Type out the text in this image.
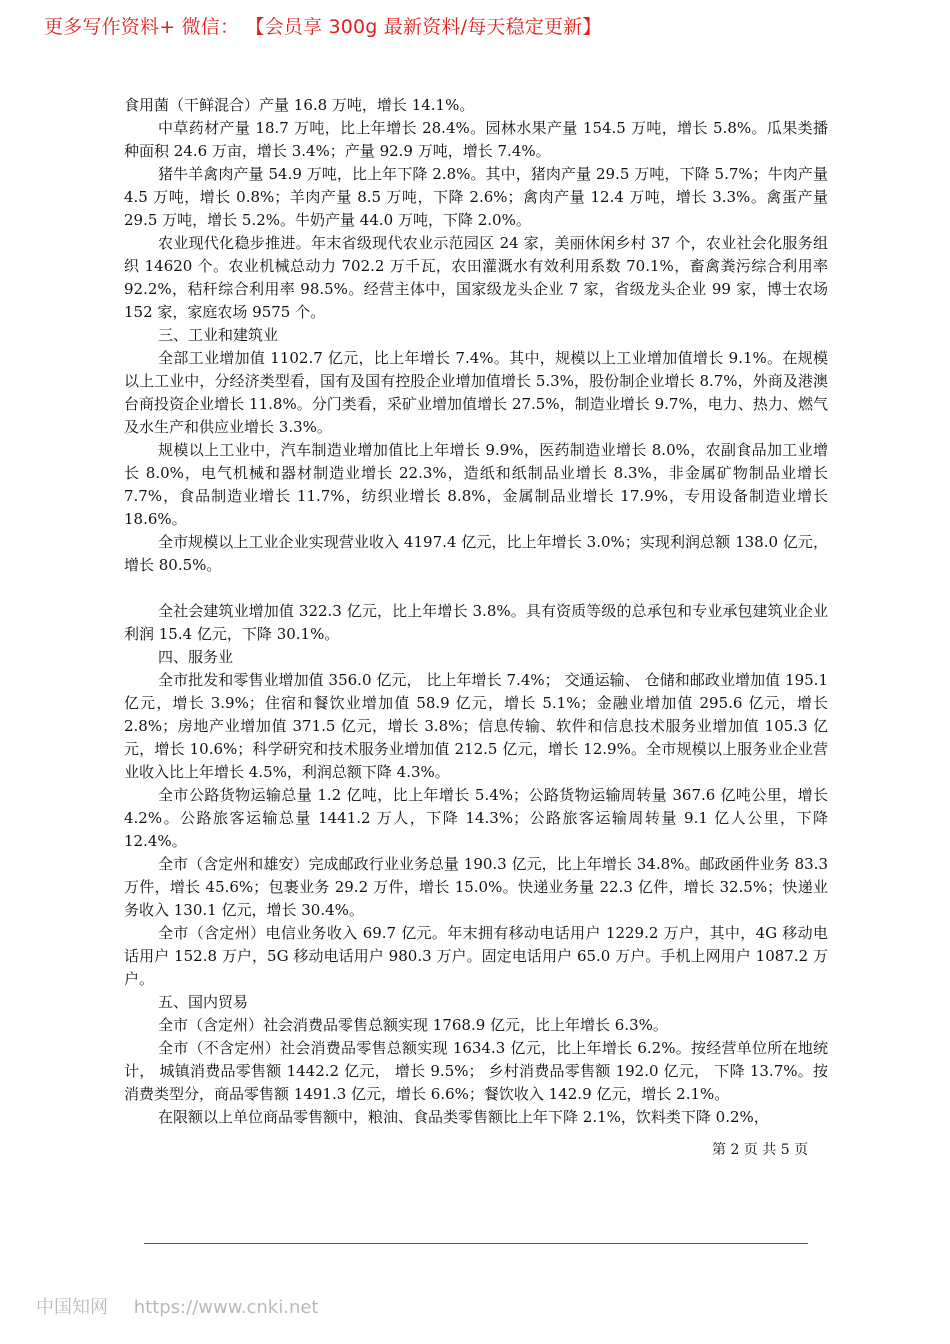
更多写作资料+ 微信： 【会员享 300g 最新资料/每天稳定更新】

食用菌（干鲜混合）产量 16.8 万吨，增长 14.1%。

中草药材产量 18.7 万吨，比上年增长 28.4%。园林水果产量 154.5 万吨，增长 5.8%。瓜果类播种面积 24.6 万亩，增长 3.4%；产量 92.9 万吨，增长 7.4%。

猪牛羊禽肉产量 54.9 万吨，比上年下降 2.8%。其中，猪肉产量 29.5 万吨，下降 5.7%；牛肉产量 4.5 万吨，增长 0.8%；羊肉产量 8.5 万吨，下降 2.6%；禽肉产量 12.4 万吨，增长 3.3%。禽蛋产量 29.5 万吨，增长 5.2%。牛奶产量 44.0 万吨，下降 2.0%。

农业现代化稳步推进。年末省级现代农业示范园区 24 家，美丽休闲乡村 37 个，农业社会化服务组织 14620 个。农业机械总动力 702.2 万千瓦，农田灌溉水有效利用系数 70.1%，畜禽粪污综合利用率 92.2%，秸秆综合利用率 98.5%。经营主体中，国家级龙头企业 7 家，省级龙头企业 99 家，博士农场 152 家，家庭农场 9575 个。

三、工业和建筑业

全部工业增加值 1102.7 亿元，比上年增长 7.4%。其中，规模以上工业增加值增长 9.1%。在规模以上工业中，分经济类型看，国有及国有控股企业增加值增长 5.3%，股份制企业增长 8.7%，外商及港澳台商投资企业增长 11.8%。分门类看，采矿业增加值增长 27.5%，制造业增长 9.7%，电力、热力、燃气及水生产和供应业增长 3.3%。

规模以上工业中，汽车制造业增加值比上年增长 9.9%，医药制造业增长 8.0%，农副食品加工业增长 8.0%，电气机械和器材制造业增长 22.3%，造纸和纸制品业增长 8.3%，非金属矿物制品业增长 7.7%，食品制造业增长 11.7%，纺织业增长 8.8%，金属制品业增长 17.9%，专用设备制造业增长 18.6%。

全市规模以上工业企业实现营业收入 4197.4 亿元，比上年增长 3.0%；实现利润总额 138.0 亿元，增长 80.5%。

全社会建筑业增加值 322.3 亿元，比上年增长 3.8%。具有资质等级的总承包和专业承包建筑业企业利润 15.4 亿元，下降 30.1%。

四、服务业

全市批发和零售业增加值 356.0 亿元， 比上年增长 7.4%； 交通运输、 仓储和邮政业增加值 195.1 亿元，增长 3.9%；住宿和餐饮业增加值 58.9 亿元，增长 5.1%；金融业增加值 295.6 亿元，增长 2.8%；房地产业增加值 371.5 亿元，增长 3.8%；信息传输、软件和信息技术服务业增加值 105.3 亿元，增长 10.6%；科学研究和技术服务业增加值 212.5 亿元，增长 12.9%。全市规模以上服务业企业营业收入比上年增长 4.5%，利润总额下降 4.3%。

全市公路货物运输总量 1.2 亿吨，比上年增长 5.4%；公路货物运输周转量 367.6 亿吨公里，增长 4.2%。公路旅客运输总量 1441.2 万人，下降 14.3%；公路旅客运输周转量 9.1 亿人公里，下降 12.4%。

全市（含定州和雄安）完成邮政行业业务总量 190.3 亿元，比上年增长 34.8%。邮政函件业务 83.3 万件，增长 45.6%；包裹业务 29.2 万件，增长 15.0%。快递业务量 22.3 亿件，增长 32.5%；快递业务收入 130.1 亿元，增长 30.4%。

全市（含定州）电信业务收入 69.7 亿元。年末拥有移动电话用户 1229.2 万户，其中，4G 移动电话用户 152.8 万户，5G 移动电话用户 980.3 万户。固定电话用户 65.0 万户。手机上网用户 1087.2 万户。

五、国内贸易

全市（含定州）社会消费品零售总额实现 1768.9 亿元，比上年增长 6.3%。

全市（不含定州）社会消费品零售总额实现 1634.3 亿元，比上年增长 6.2%。按经营单位所在地统计， 城镇消费品零售额 1442.2 亿元， 增长 9.5%； 乡村消费品零售额 192.0 亿元， 下降 13.7%。按消费类型分，商品零售额 1491.3 亿元，增长 6.6%；餐饮收入 142.9 亿元，增长 2.1%。

在限额以上单位商品零售额中，粮油、食品类零售额比上年下降 2.1%，饮料类下降 0.2%，

第 2 页 共 5 页
中国知网 https://www.cnki.net
